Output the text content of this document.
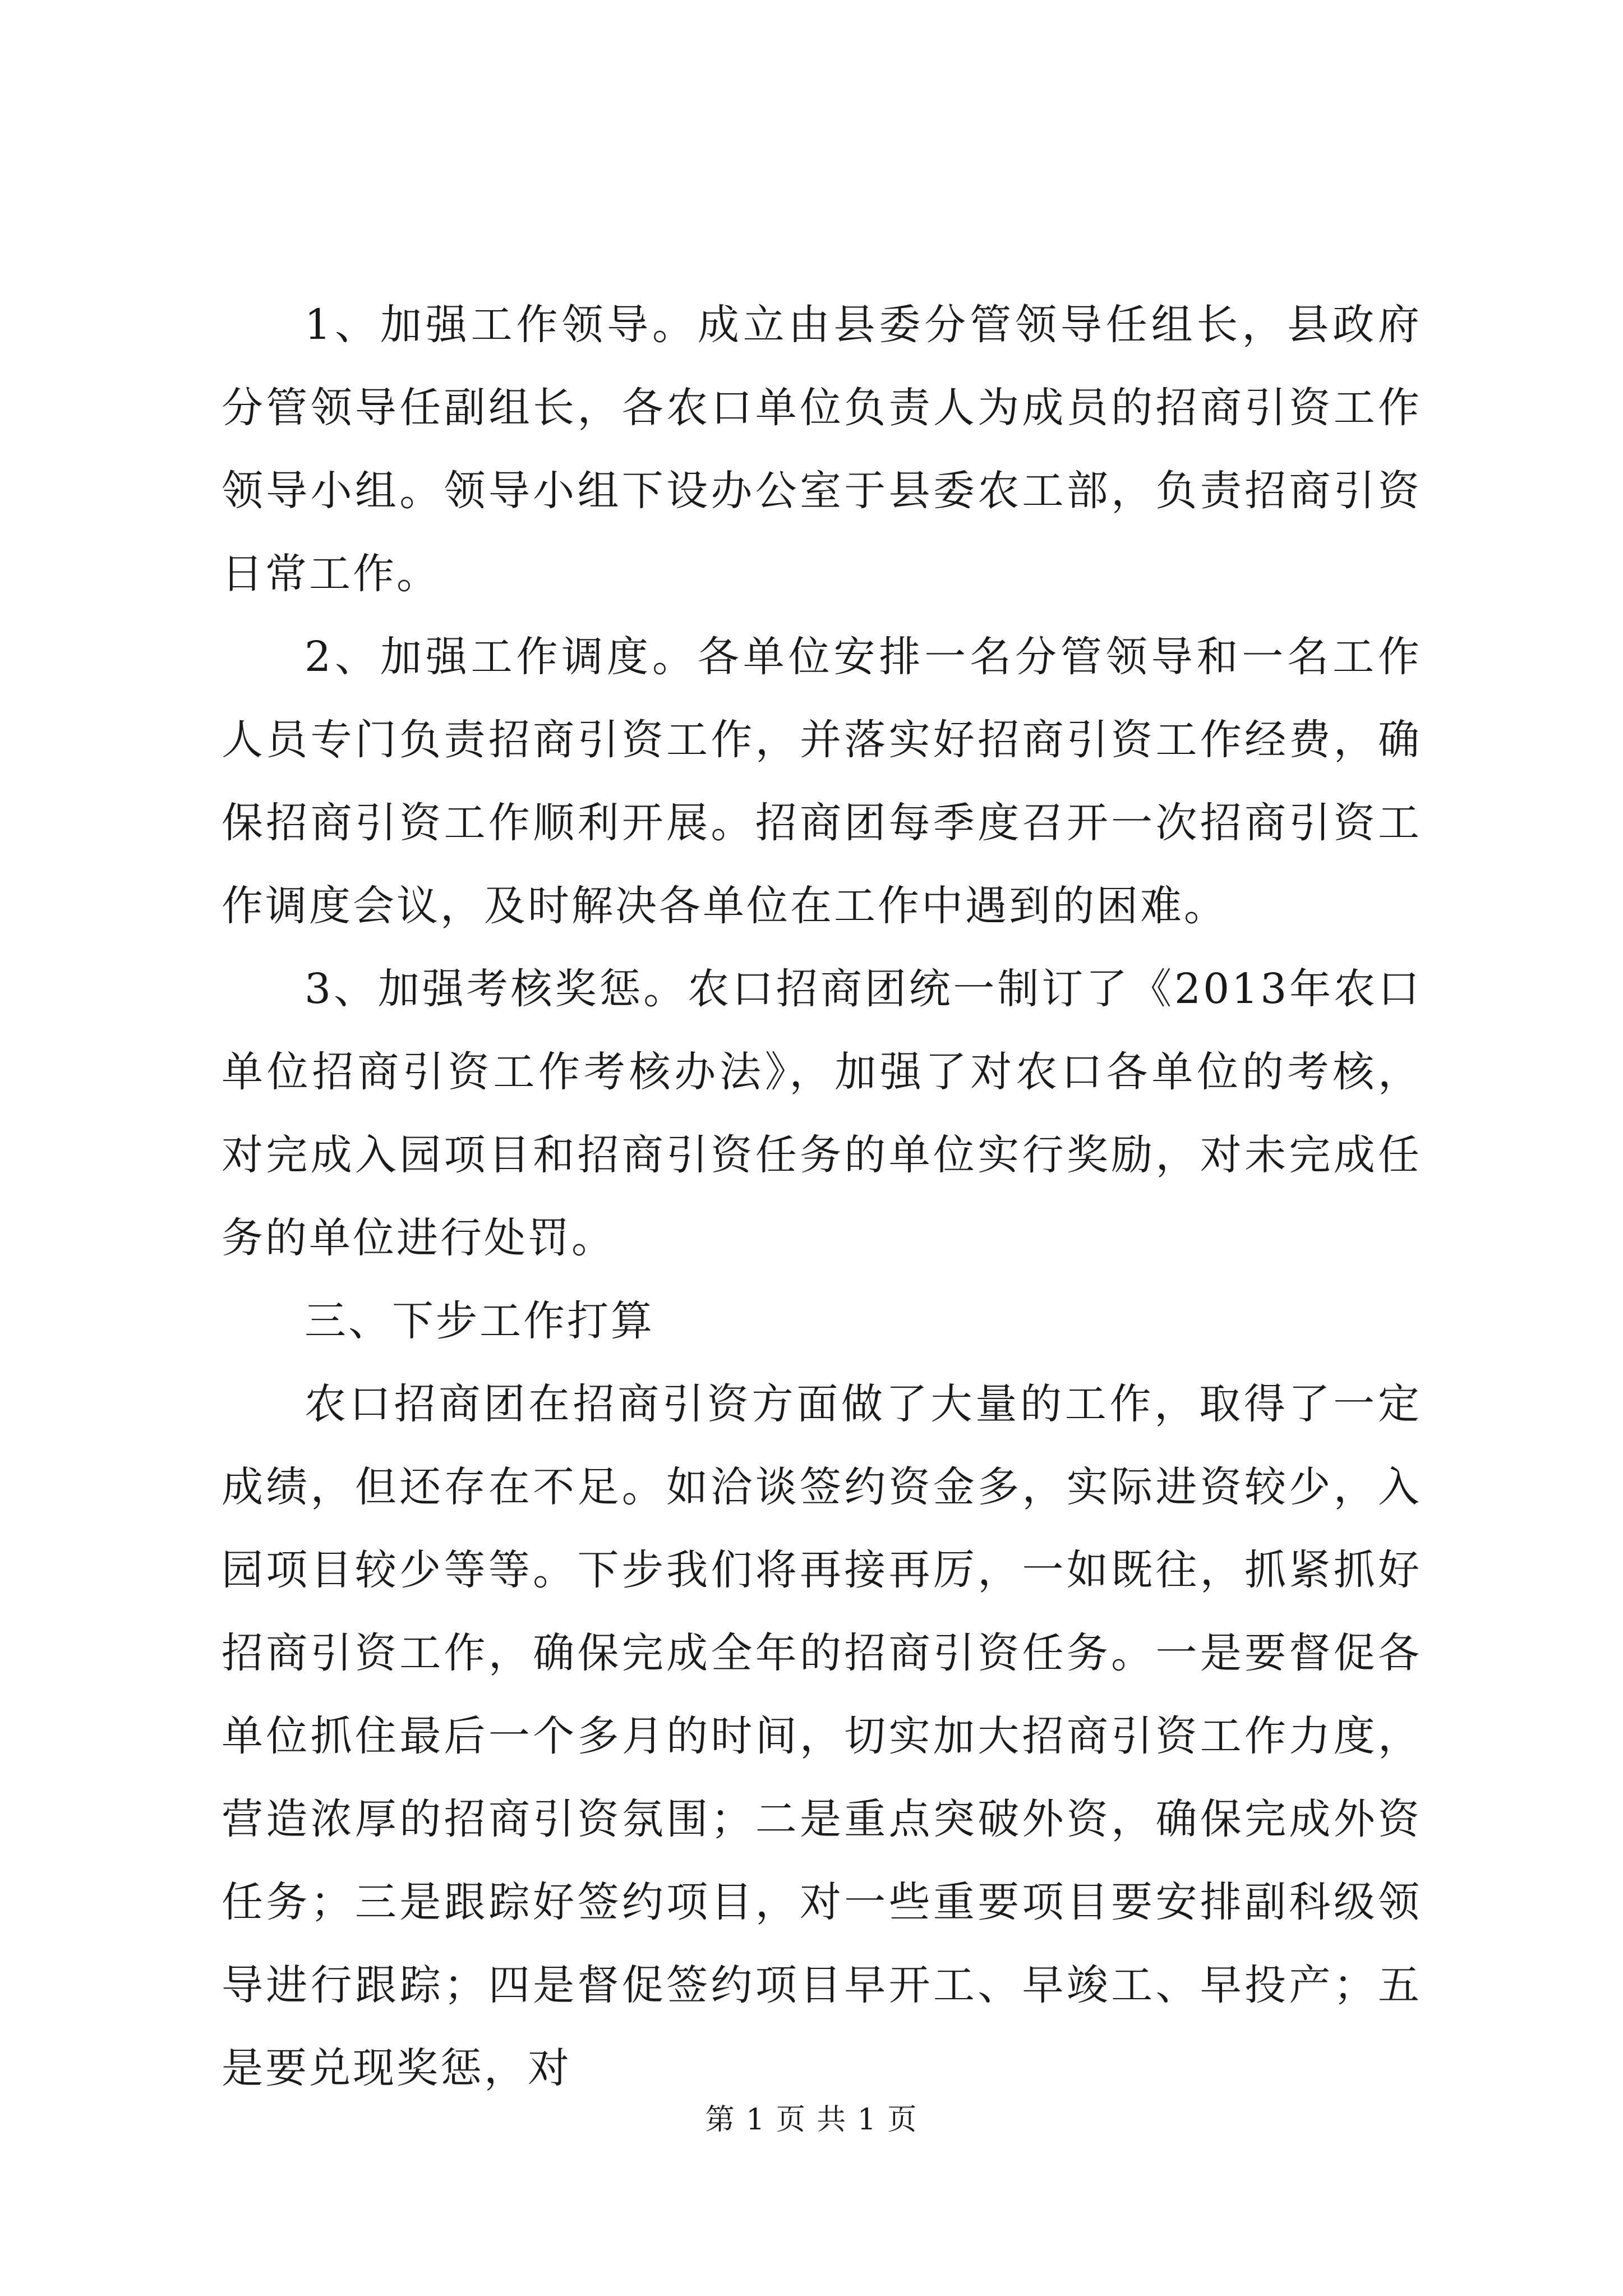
1、加强工作领导。成立由县委分管领导任组长，县政府分管领导任副组长，各农口单位负责人为成员的招商引资工作领导小组。领导小组下设办公室于县委农工部，负责招商引资日常工作。

2、加强工作调度。各单位安排一名分管领导和一名工作人员专门负责招商引资工作，并落实好招商引资工作经费，确保招商引资工作顺利开展。招商团每季度召开一次招商引资工作调度会议，及时解决各单位在工作中遇到的困难。

3、加强考核奖惩。农口招商团统一制订了《2013年农口单位招商引资工作考核办法》，加强了对农口各单位的考核，对完成入园项目和招商引资任务的单位实行奖励，对未完成任务的单位进行处罚。

三、下步工作打算

农口招商团在招商引资方面做了大量的工作，取得了一定成绩，但还存在不足。如洽谈签约资金多，实际进资较少，入园项目较少等等。下步我们将再接再厉，一如既往，抓紧抓好招商引资工作，确保完成全年的招商引资任务。一是要督促各单位抓住最后一个多月的时间，切实加大招商引资工作力度，营造浓厚的招商引资氛围；二是重点突破外资，确保完成外资任务；三是跟踪好签约项目，对一些重要项目要安排副科级领导进行跟踪；四是督促签约项目早开工、早竣工、早投产；五是要兑现奖惩，对

第 1 页 共 1 页
